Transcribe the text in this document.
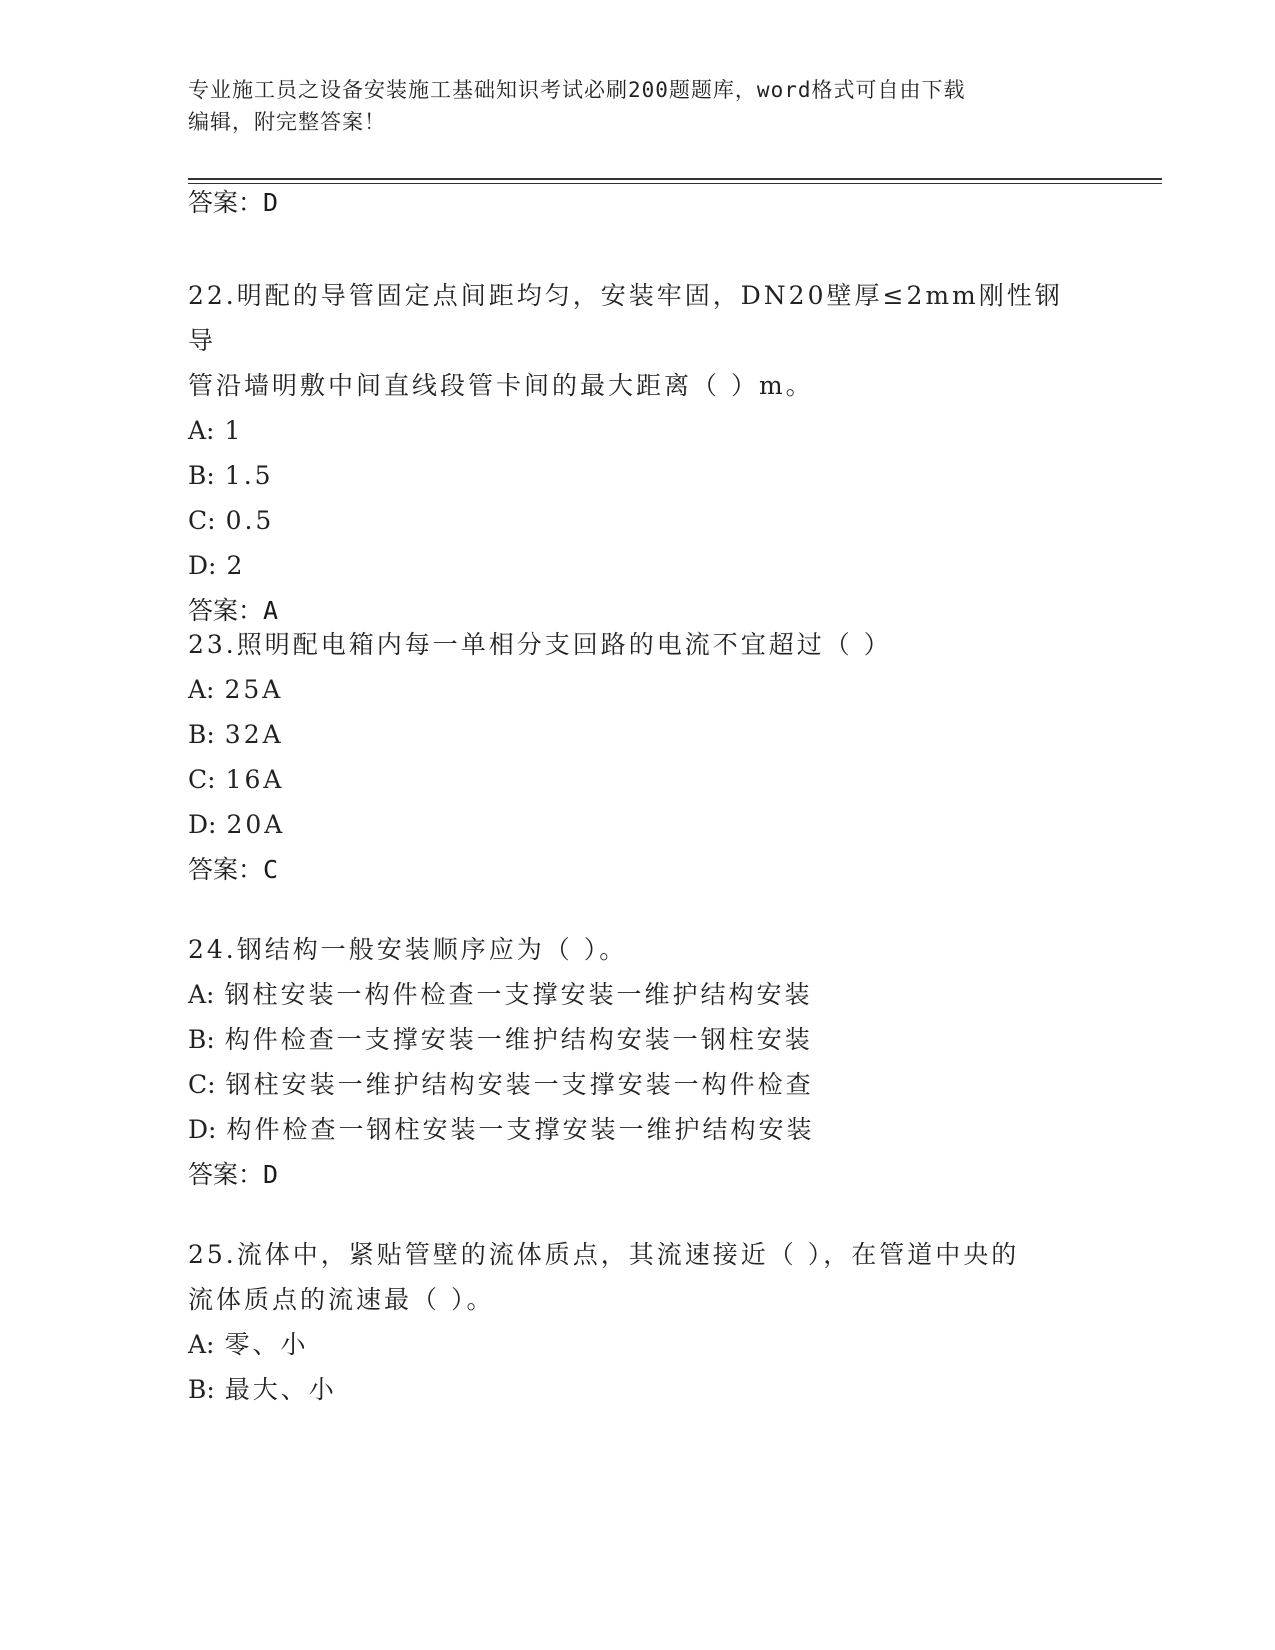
专业施工员之设备安装施工基础知识考试必刷200题题库，word格式可自由下载
编辑，附完整答案！

答案：D

22.明配的导管固定点间距均匀，安装牢固，DN20壁厚≤2mm刚性钢导

管沿墙明敷中间直线段管卡间的最大距离（ ）m。

A: 1

B: 1.5

C: 0.5

D: 2

答案：A

23.照明配电箱内每一单相分支回路的电流不宜超过（ ）

A: 25A

B: 32A

C: 16A

D: 20A

答案：C

24.钢结构一般安装顺序应为（ ）。

A: 钢柱安装一构件检查一支撑安装一维护结构安装

B: 构件检查一支撑安装一维护结构安装一钢柱安装

C: 钢柱安装一维护结构安装一支撑安装一构件检查

D: 构件检查一钢柱安装一支撑安装一维护结构安装

答案：D

25.流体中，紧贴管壁的流体质点，其流速接近（ ），在管道中央的

流体质点的流速最（ ）。

A: 零、小

B: 最大、小
